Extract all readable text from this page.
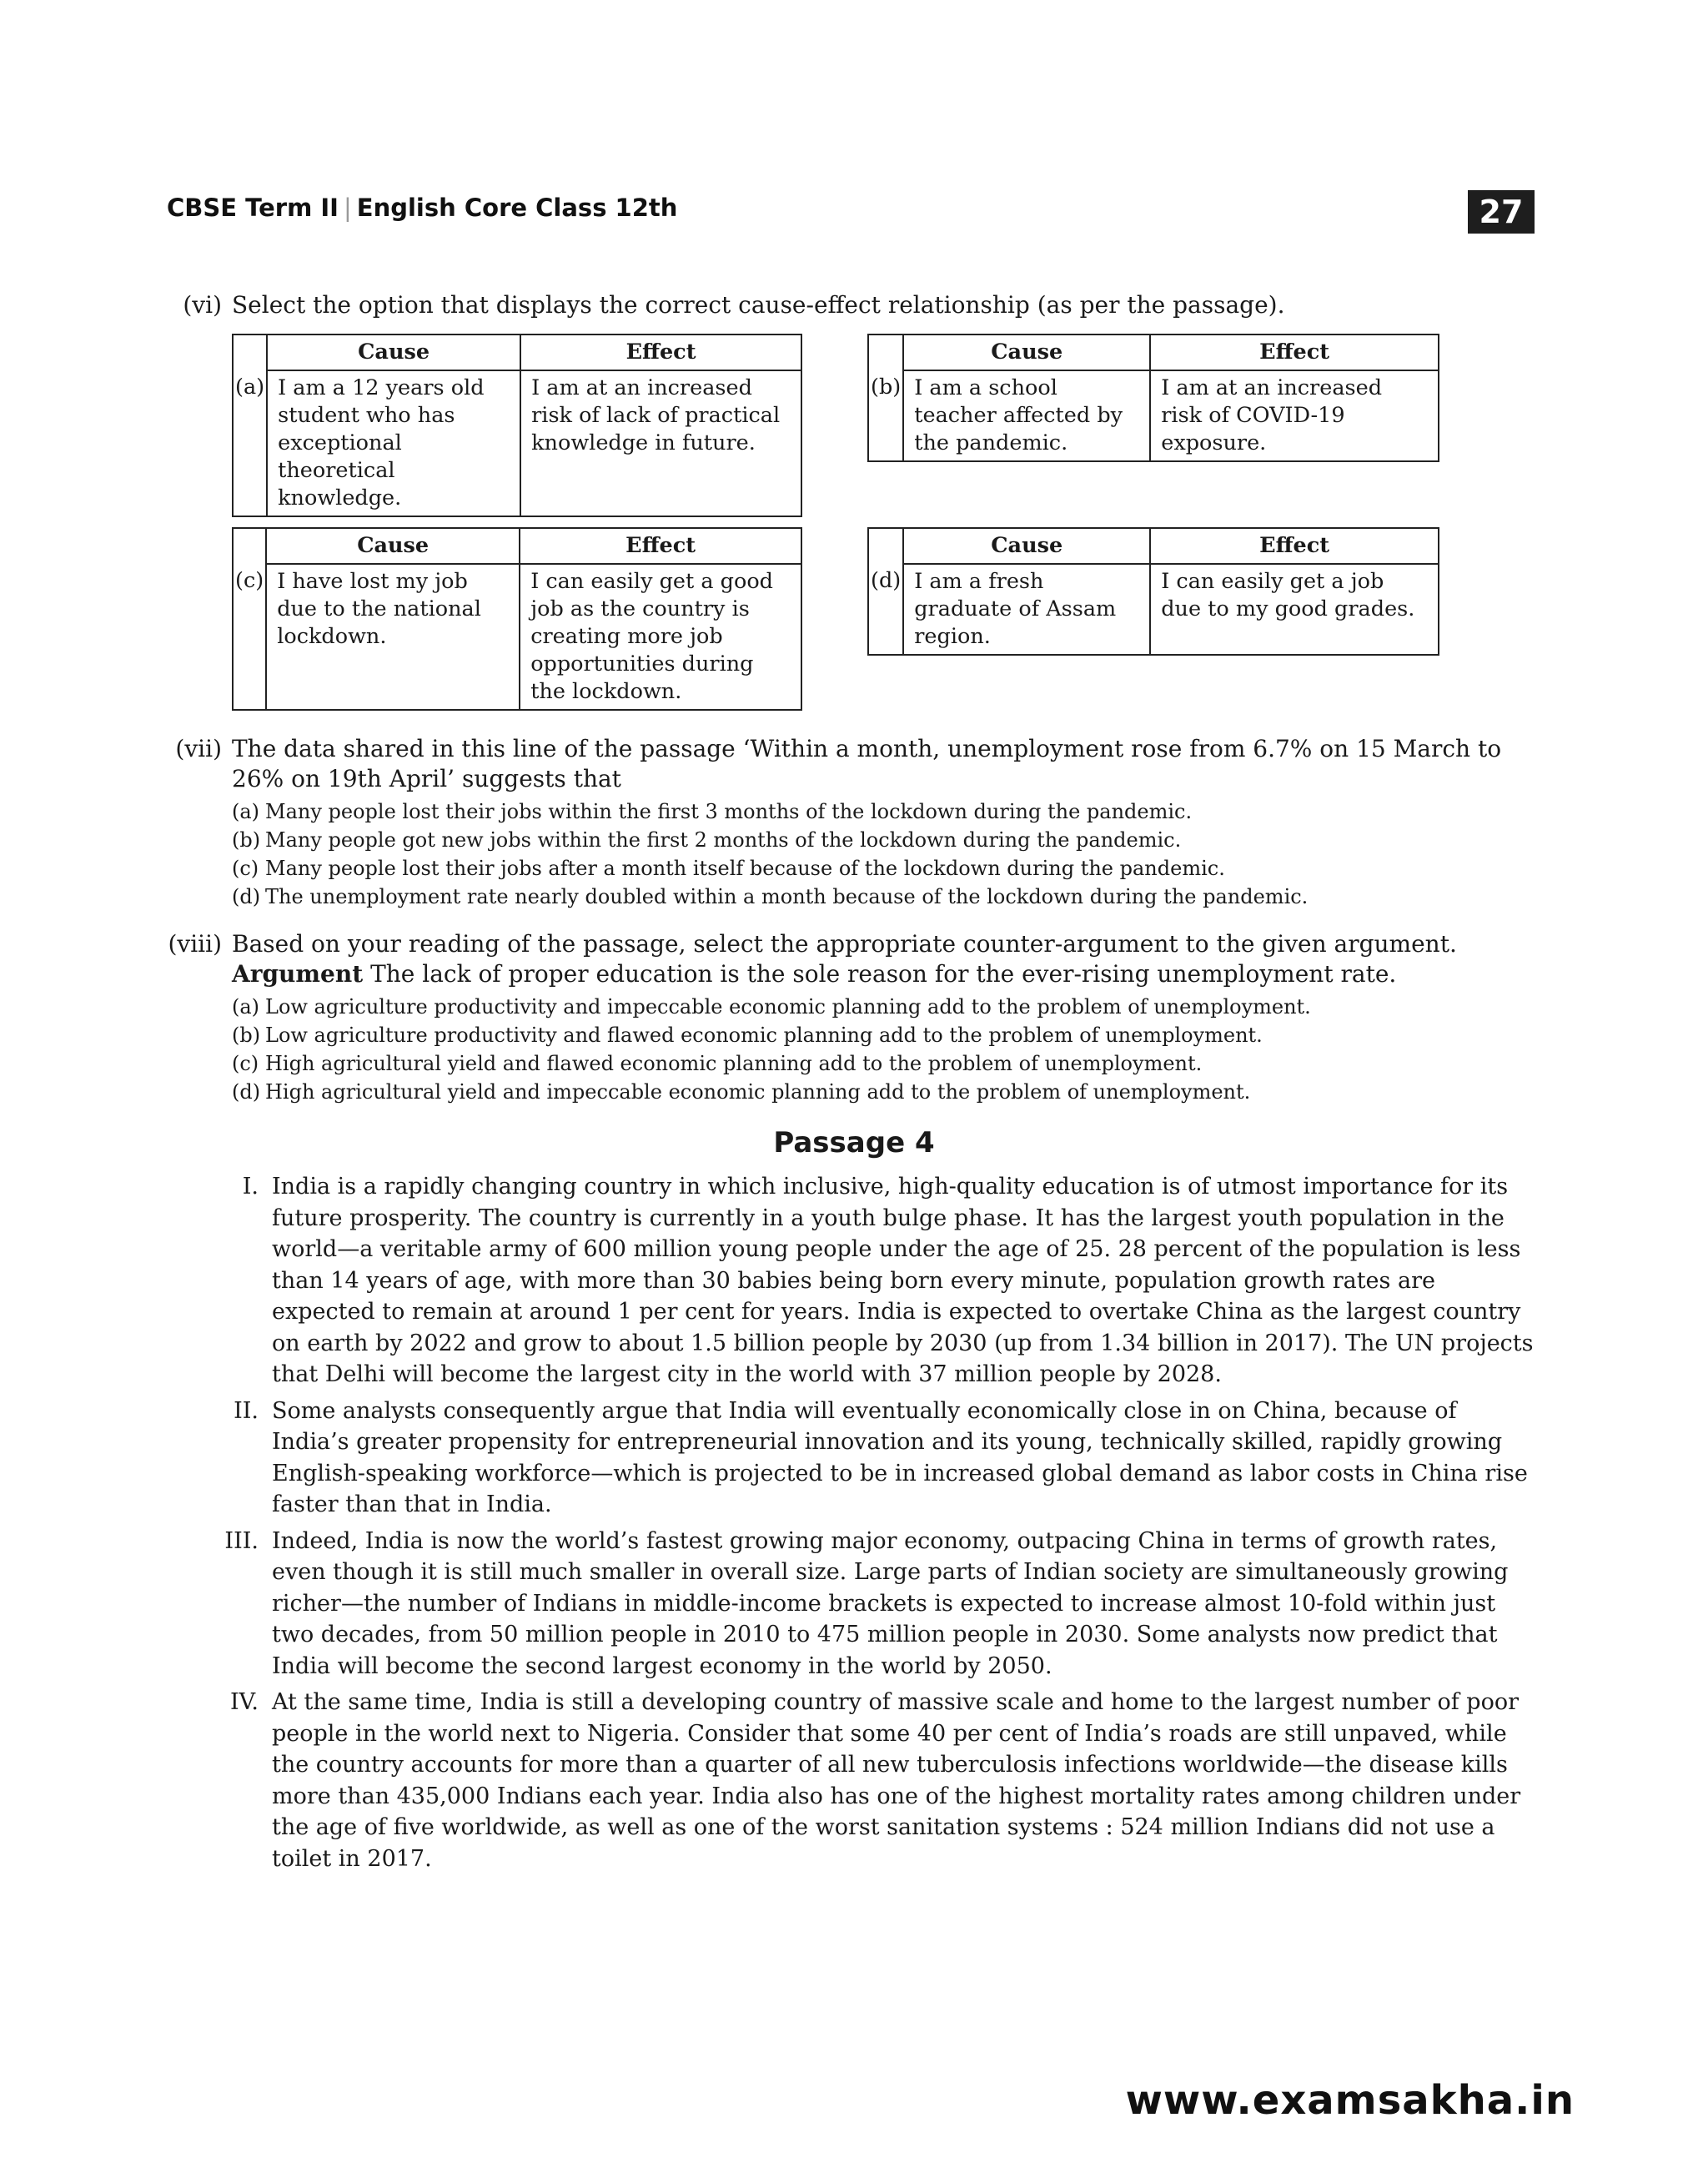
CBSE Term II | English Core Class 12th	27
(vi) Select the option that displays the correct cause-effect relationship (as per the passage).
	Cause	Effect
(a)	I am a 12 years old student who has exceptional theoretical knowledge.	I am at an increased risk of lack of practical knowledge in future.
	Cause	Effect
(b)	I am a school teacher affected by the pandemic.	I am at an increased risk of COVID-19 exposure.
	Cause	Effect
(c)	I have lost my job due to the national lockdown.	I can easily get a good job as the country is creating more job opportunities during the lockdown.
	Cause	Effect
(d)	I am a fresh graduate of Assam region.	I can easily get a job due to my good grades.
(vii) The data shared in this line of the passage ‘Within a month, unemployment rose from 6.7% on 15 March to 26% on 19th April’ suggests that
(a) Many people lost their jobs within the first 3 months of the lockdown during the pandemic.
(b) Many people got new jobs within the first 2 months of the lockdown during the pandemic.
(c) Many people lost their jobs after a month itself because of the lockdown during the pandemic.
(d) The unemployment rate nearly doubled within a month because of the lockdown during the pandemic.
(viii) Based on your reading of the passage, select the appropriate counter-argument to the given argument.
Argument The lack of proper education is the sole reason for the ever-rising unemployment rate.
(a) Low agriculture productivity and impeccable economic planning add to the problem of unemployment.
(b) Low agriculture productivity and flawed economic planning add to the problem of unemployment.
(c) High agricultural yield and flawed economic planning add to the problem of unemployment.
(d) High agricultural yield and impeccable economic planning add to the problem of unemployment.
Passage 4
I. India is a rapidly changing country in which inclusive, high-quality education is of utmost importance for its future prosperity. The country is currently in a youth bulge phase. It has the largest youth population in the world—a veritable army of 600 million young people under the age of 25. 28 percent of the population is less than 14 years of age, with more than 30 babies being born every minute, population growth rates are expected to remain at around 1 per cent for years. India is expected to overtake China as the largest country on earth by 2022 and grow to about 1.5 billion people by 2030 (up from 1.34 billion in 2017). The UN projects that Delhi will become the largest city in the world with 37 million people by 2028.
II. Some analysts consequently argue that India will eventually economically close in on China, because of India’s greater propensity for entrepreneurial innovation and its young, technically skilled, rapidly growing English-speaking workforce—which is projected to be in increased global demand as labor costs in China rise faster than that in India.
III. Indeed, India is now the world’s fastest growing major economy, outpacing China in terms of growth rates, even though it is still much smaller in overall size. Large parts of Indian society are simultaneously growing richer—the number of Indians in middle-income brackets is expected to increase almost 10-fold within just two decades, from 50 million people in 2010 to 475 million people in 2030. Some analysts now predict that India will become the second largest economy in the world by 2050.
IV. At the same time, India is still a developing country of massive scale and home to the largest number of poor people in the world next to Nigeria. Consider that some 40 per cent of India’s roads are still unpaved, while the country accounts for more than a quarter of all new tuberculosis infections worldwide—the disease kills more than 435,000 Indians each year. India also has one of the highest mortality rates among children under the age of five worldwide, as well as one of the worst sanitation systems : 524 million Indians did not use a toilet in 2017.
www.examsakha.in
